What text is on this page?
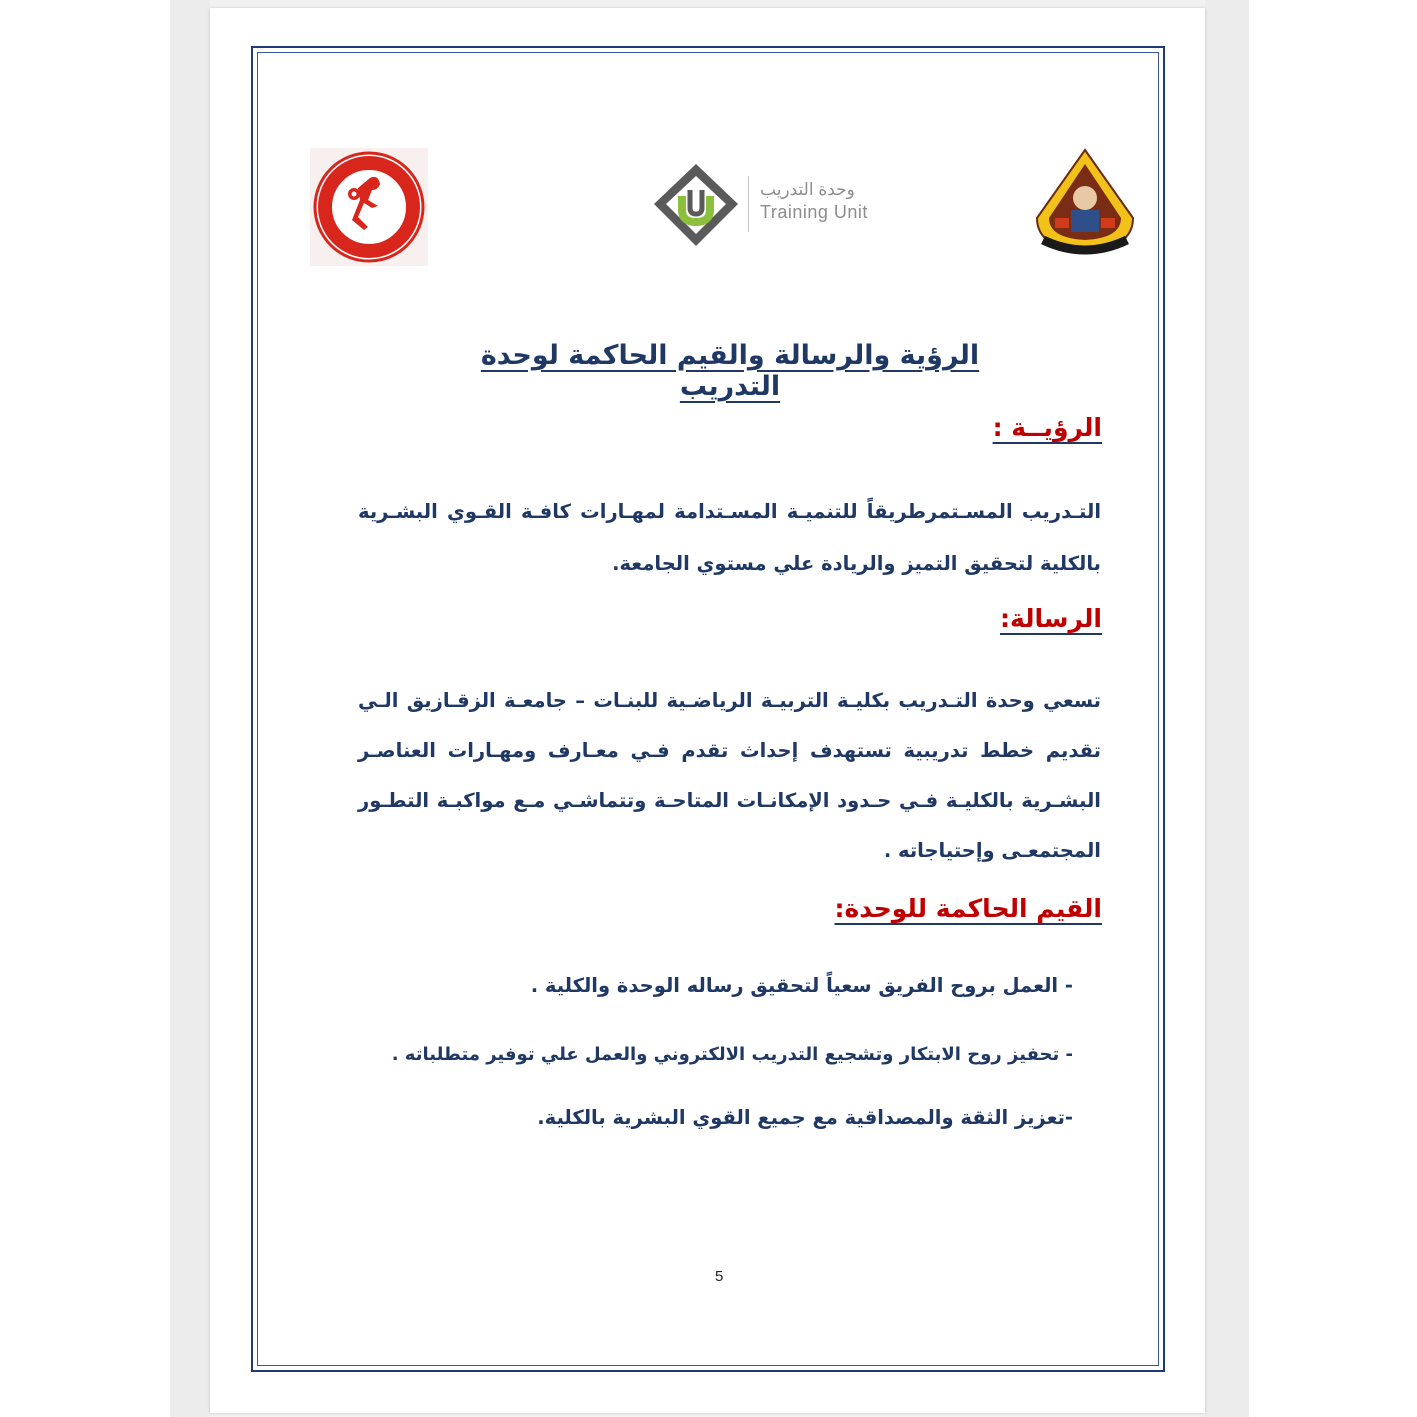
وحدة التدريب
Training Unit
الرؤية والرسالة والقيم الحاكمة لوحدة التدريب
الرؤيــة :
التـدريب المسـتمرطريقاً للتنميـة المسـتدامة لمهـارات كافـة القـوي البشـرية بالكلية لتحقيق التميز والريادة علي مستوي الجامعة.
الرسالة:
تسعي وحدة التـدريب بكليـة التربيـة الرياضـية للبنـات – جامعـة الزقـازيق الـي تقديم خطط تدريبية تستهدف إحداث تقدم فـي معـارف ومهـارات العناصـر البشـرية بالكليـة فـي حـدود الإمكانـات المتاحـة وتتماشـي مـع مواكبـة التطـور المجتمعـى وإحتياجاته .
القيم الحاكمة للوحدة:
- العمل بروح الفريق سعياً لتحقيق رساله الوحدة والكلية .
- تحفيز روح الابتكار وتشجيع التدريب الالكتروني والعمل علي توفير متطلباته .
-تعزيز الثقة والمصداقية مع جميع القوي البشرية بالكلية.
5
